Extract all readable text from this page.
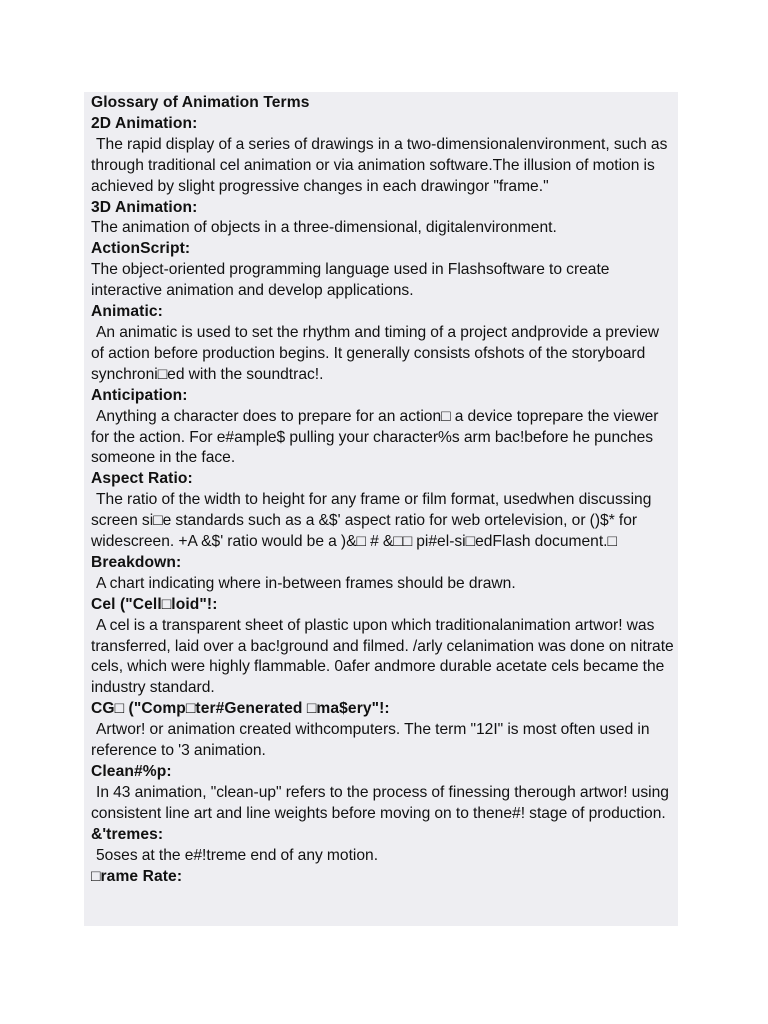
Glossary of Animation Terms
2D Animation:
The rapid display of a series of drawings in a two-dimensionalenvironment, such as through traditional cel animation or via animation software.The illusion of motion is achieved by slight progressive changes in each drawingor "frame."
3D Animation:
The animation of objects in a three-dimensional, digitalenvironment.
ActionScript:
The object-oriented programming language used in Flashsoftware to create interactive animation and develop applications.
Animatic:
An animatic is used to set the rhythm and timing of a project andprovide a preview of action before production begins. It generally consists ofshots of the storyboard synchroni□ed with the soundtrac!.
Anticipation:
Anything a character does to prepare for an action□ a device toprepare the viewer for the action. For e#ample$ pulling your character%s arm bac!before he punches someone in the face.
Aspect Ratio:
The ratio of the width to height for any frame or film format, usedwhen discussing screen si□e standards such as a &$' aspect ratio for web ortelevision, or ()$* for widescreen. +A &$' ratio would be a )&□ # &□□ pi#el-si□edFlash document.□
Breakdown:
A chart indicating where in-between frames should be drawn.
Cel ("Cell□loid"!:
A cel is a transparent sheet of plastic upon which traditionalanimation artwor! was transferred, laid over a bac!ground and filmed. /arly celanimation was done on nitrate cels, which were highly flammable. 0afer andmore durable acetate cels became the industry standard.
CG□ ("Comp□ter#Generated □ma$ery"!:
Artwor! or animation created withcomputers. The term "12I" is most often used in reference to '3 animation.
Clean#%p:
In 43 animation, "clean-up" refers to the process of finessing therough artwor! using consistent line art and line weights before moving on to thene#! stage of production.
&'tremes:
5oses at the e#!treme end of any motion.
□rame Rate:
